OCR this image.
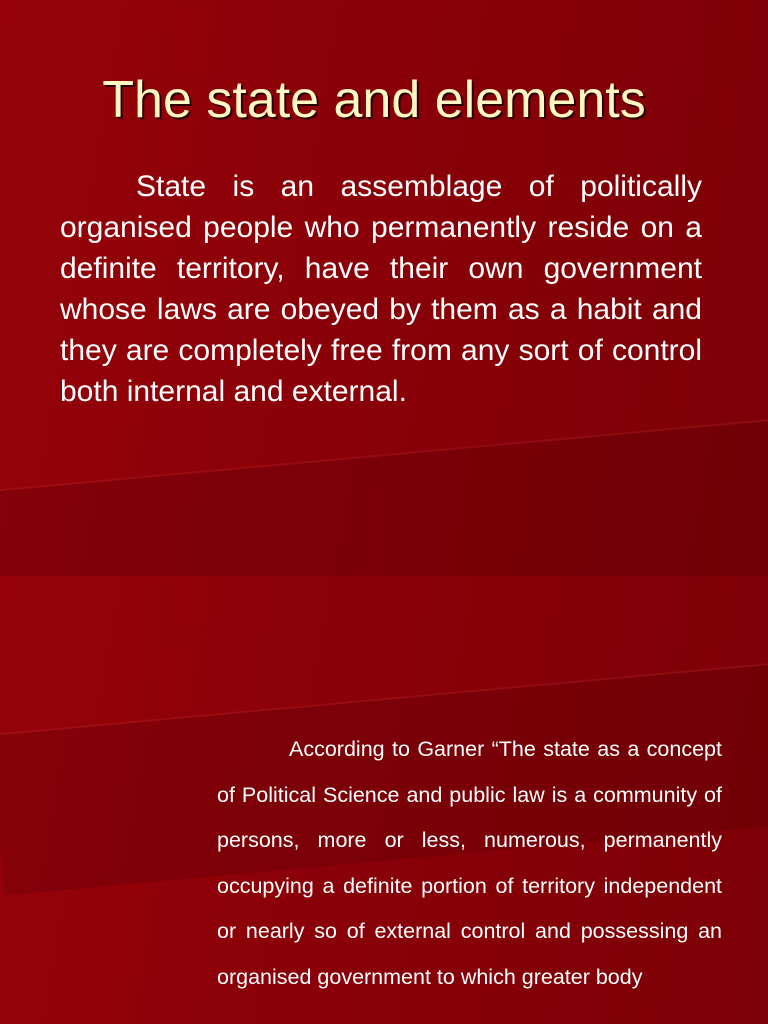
The state and elements

State is an assemblage of politically organised people who permanently reside on a definite territory, have their own government whose laws are obeyed by them as a habit and they are completely free from any sort of control both internal and external.

According to Garner “The state as a concept of Political Science and public law is a community of persons, more or less, numerous, permanently occupying a definite portion of territory independent or nearly so of external control and possessing an organised government to which greater body
